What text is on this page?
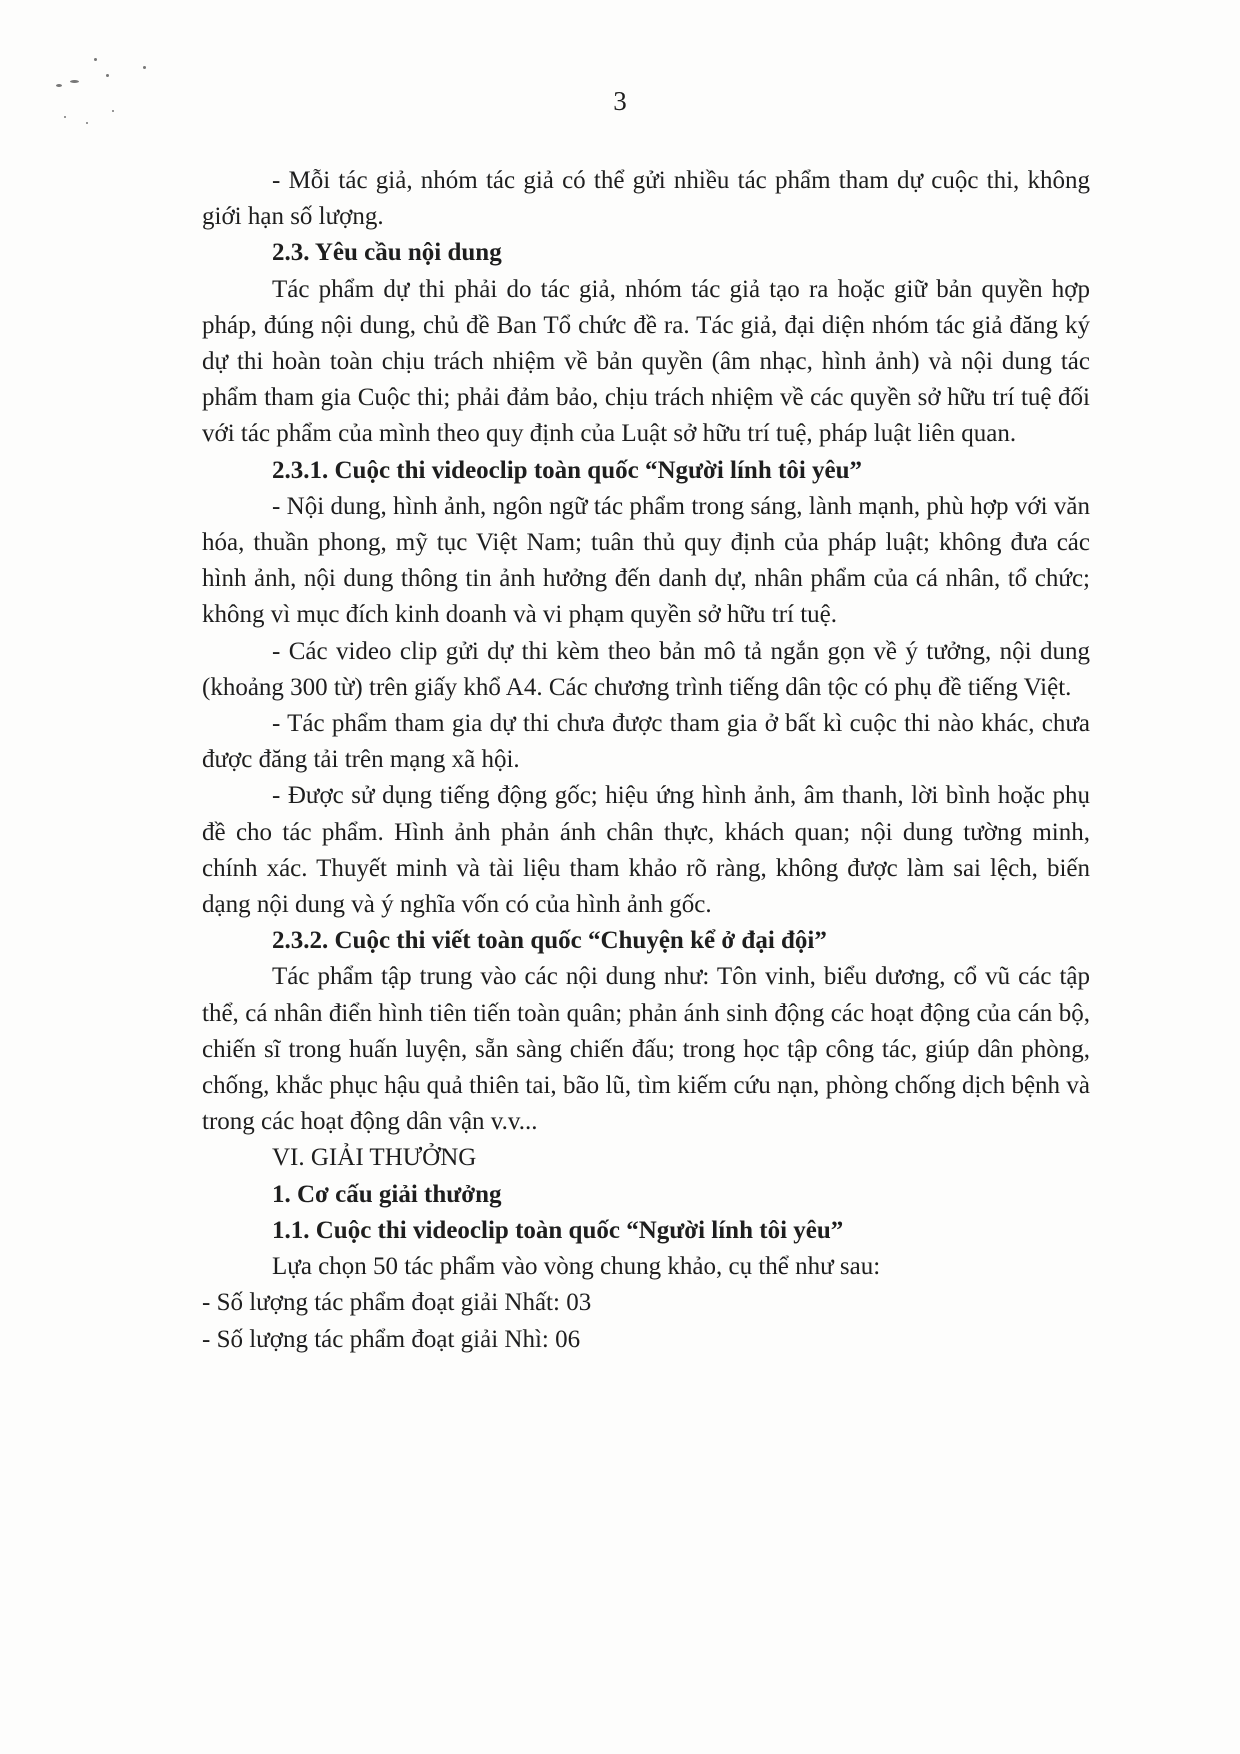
3

- Mỗi tác giả, nhóm tác giả có thể gửi nhiều tác phẩm tham dự cuộc thi, không giới hạn số lượng.

2.3. Yêu cầu nội dung

Tác phẩm dự thi phải do tác giả, nhóm tác giả tạo ra hoặc giữ bản quyền hợp pháp, đúng nội dung, chủ đề Ban Tổ chức đề ra. Tác giả, đại diện nhóm tác giả đăng ký dự thi hoàn toàn chịu trách nhiệm về bản quyền (âm nhạc, hình ảnh) và nội dung tác phẩm tham gia Cuộc thi; phải đảm bảo, chịu trách nhiệm về các quyền sở hữu trí tuệ đối với tác phẩm của mình theo quy định của Luật sở hữu trí tuệ, pháp luật liên quan.

2.3.1. Cuộc thi videoclip toàn quốc “Người lính tôi yêu”

- Nội dung, hình ảnh, ngôn ngữ tác phẩm trong sáng, lành mạnh, phù hợp với văn hóa, thuần phong, mỹ tục Việt Nam; tuân thủ quy định của pháp luật; không đưa các hình ảnh, nội dung thông tin ảnh hưởng đến danh dự, nhân phẩm của cá nhân, tổ chức; không vì mục đích kinh doanh và vi phạm quyền sở hữu trí tuệ.

- Các video clip gửi dự thi kèm theo bản mô tả ngắn gọn về ý tưởng, nội dung (khoảng 300 từ) trên giấy khổ A4. Các chương trình tiếng dân tộc có phụ đề tiếng Việt.

- Tác phẩm tham gia dự thi chưa được tham gia ở bất kì cuộc thi nào khác, chưa được đăng tải trên mạng xã hội.

- Được sử dụng tiếng động gốc; hiệu ứng hình ảnh, âm thanh, lời bình hoặc phụ đề cho tác phẩm. Hình ảnh phản ánh chân thực, khách quan; nội dung tường minh, chính xác. Thuyết minh và tài liệu tham khảo rõ ràng, không được làm sai lệch, biến dạng nội dung và ý nghĩa vốn có của hình ảnh gốc.

2.3.2. Cuộc thi viết toàn quốc “Chuyện kể ở đại đội”

Tác phẩm tập trung vào các nội dung như: Tôn vinh, biểu dương, cổ vũ các tập thể, cá nhân điển hình tiên tiến toàn quân; phản ánh sinh động các hoạt động của cán bộ, chiến sĩ trong huấn luyện, sẵn sàng chiến đấu; trong học tập công tác, giúp dân phòng, chống, khắc phục hậu quả thiên tai, bão lũ, tìm kiếm cứu nạn, phòng chống dịch bệnh và trong các hoạt động dân vận v.v...

VI. GIẢI THƯỞNG

1. Cơ cấu giải thưởng

1.1. Cuộc thi videoclip toàn quốc “Người lính tôi yêu”

Lựa chọn 50 tác phẩm vào vòng chung khảo, cụ thể như sau:

- Số lượng tác phẩm đoạt giải Nhất: 03

- Số lượng tác phẩm đoạt giải Nhì: 06
